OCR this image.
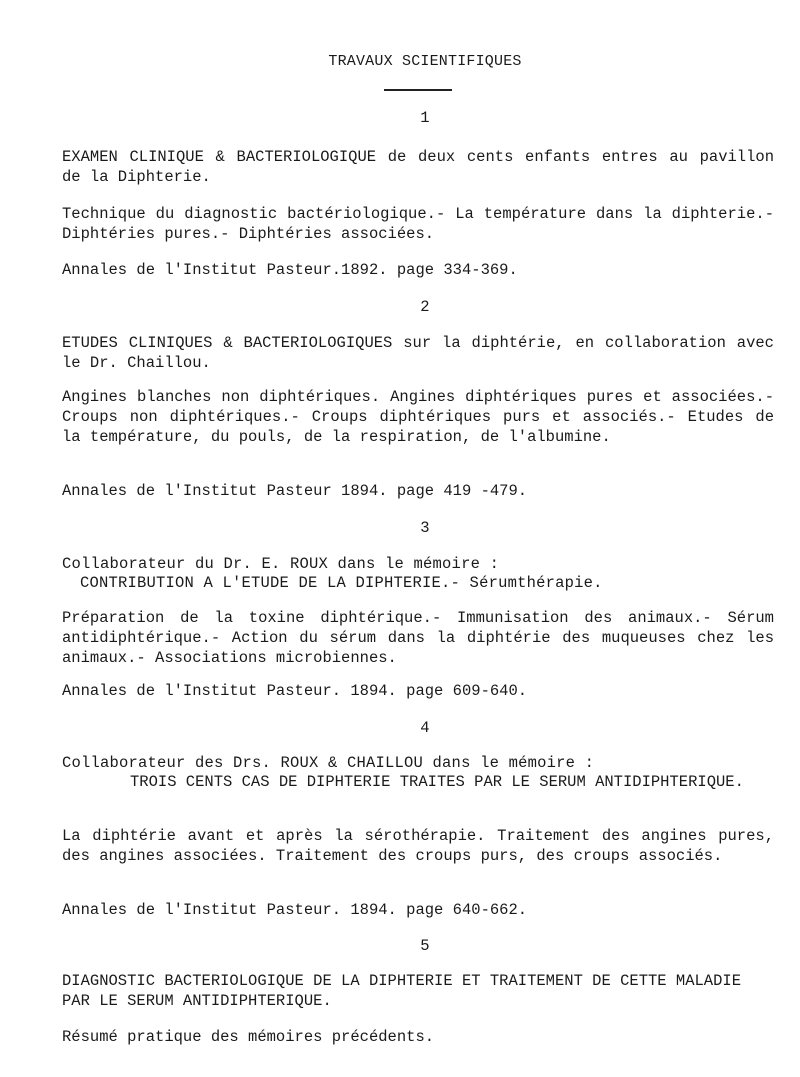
TRAVAUX SCIENTIFIQUES
1
EXAMEN CLINIQUE & BACTERIOLOGIQUE de deux cents enfants entres au pavillon de la Diphterie.
Technique du diagnostic bactériologique.- La température dans la diphterie.- Diphtéries pures.- Diphtéries associées.
Annales de l'Institut Pasteur.1892. page 334-369.
2
ETUDES CLINIQUES & BACTERIOLOGIQUES sur la diphtérie, en collaboration avec le Dr. Chaillou.
Angines blanches non diphtériques. Angines diphtériques pures et associées.- Croups non diphtériques.- Croups diphtériques purs et associés.- Etudes de la température, du pouls, de la respiration, de l'albumine.
Annales de l'Institut Pasteur 1894. page 419 -479.
3
Collaborateur du Dr. E. ROUX dans le mémoire :
CONTRIBUTION A L'ETUDE DE LA DIPHTERIE.- Sérumthérapie.
Préparation de la toxine diphtérique.- Immunisation des animaux.- Sérum antidiphtérique.- Action du sérum dans la diphtérie des muqueuses chez les animaux.- Associations microbiennes.
Annales de l'Institut Pasteur. 1894. page 609-640.
4
Collaborateur des Drs. ROUX & CHAILLOU dans le mémoire :
TROIS CENTS CAS DE DIPHTERIE TRAITES PAR LE SERUM ANTIDIPHTERIQUE.
La diphtérie avant et après la sérothérapie. Traitement des angines pures, des angines associées. Traitement des croups purs, des croups associés.
Annales de l'Institut Pasteur. 1894. page 640-662.
5
DIAGNOSTIC BACTERIOLOGIQUE DE LA DIPHTERIE ET TRAITEMENT DE CETTE MALADIE PAR LE SERUM ANTIDIPHTERIQUE.
Résumé pratique des mémoires précédents.
